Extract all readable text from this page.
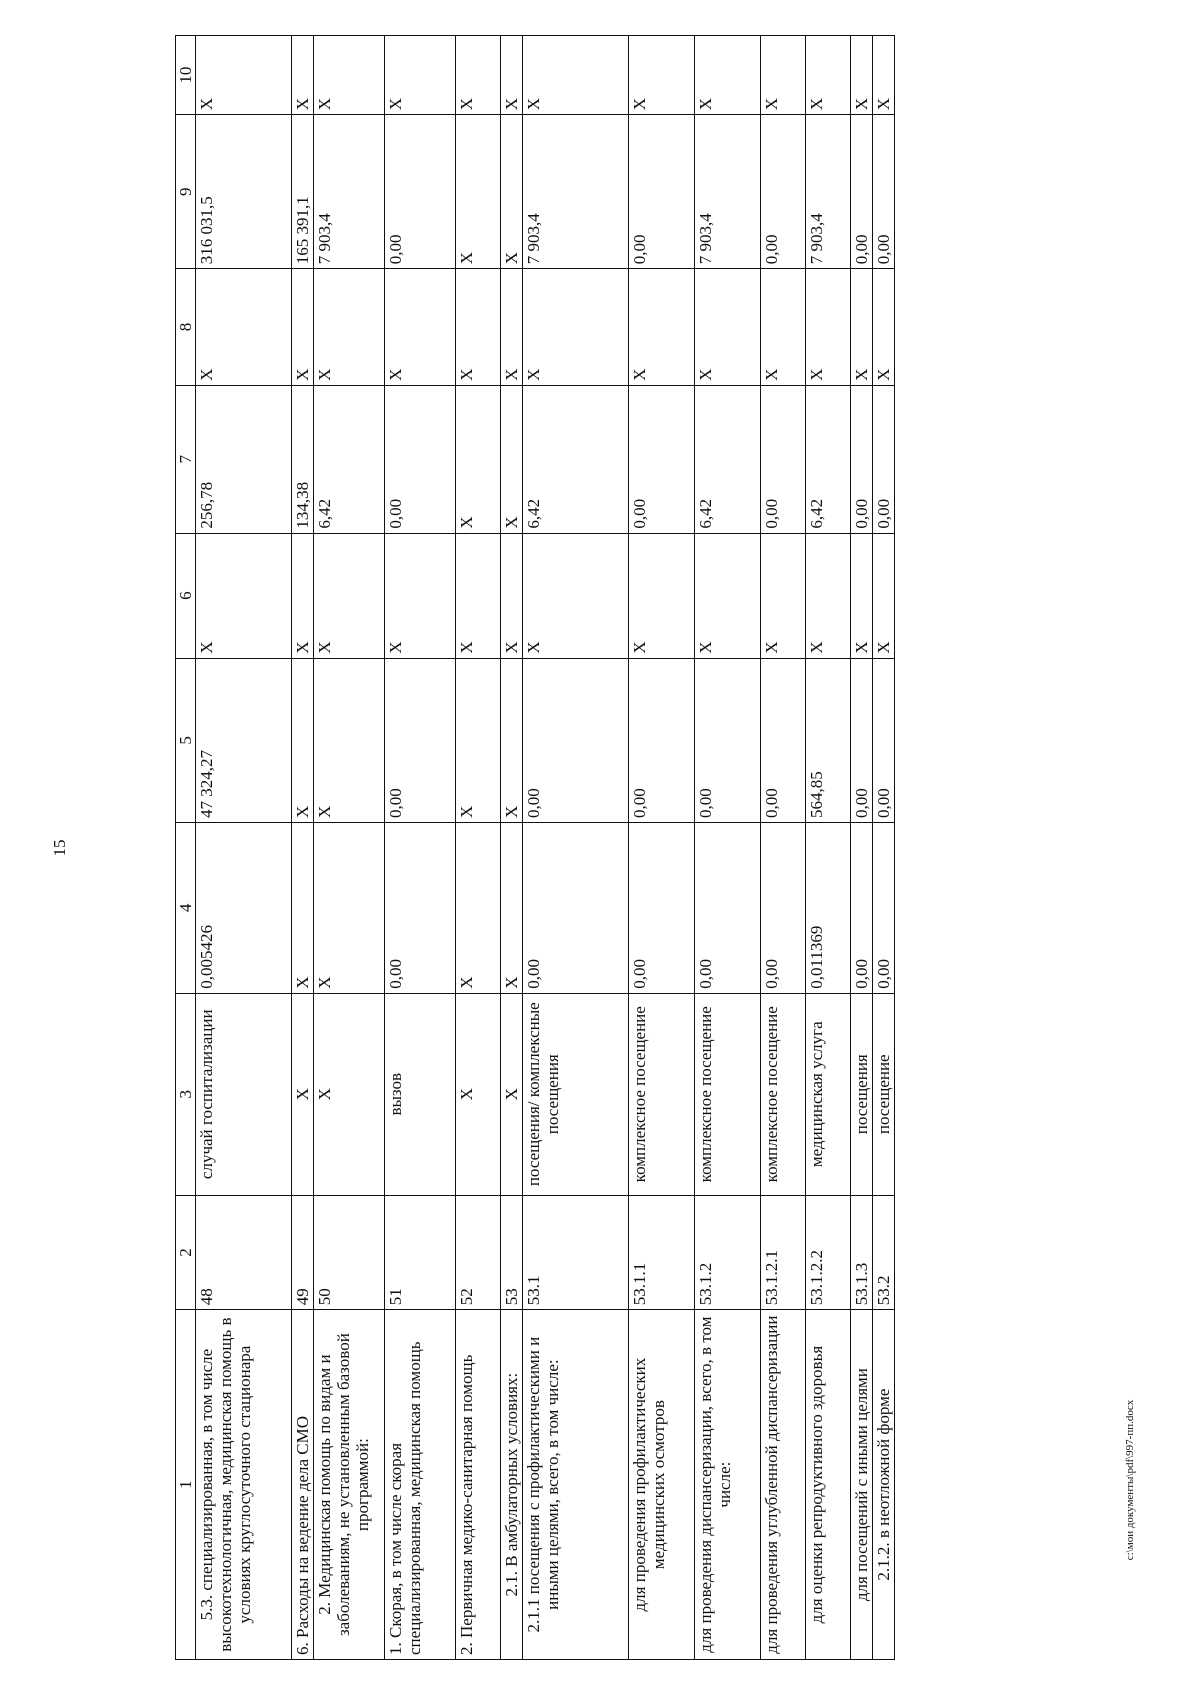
15
1	2	3	4	5	6	7	8	9	10
5.3. специализированная, в том числе высокотехнологичная, медицинская помощь в условиях круглосуточного стационара	48	случай госпитализации	0,005426	47 324,27	X	256,78	X	316 031,5	X
6. Расходы на ведение дела СМО	49	X	X	X	X	134,38	X	165 391,1	X
2. Медицинская помощь по видам и заболеваниям, не установленным базовой программой:	50	X	X	X	X	6,42	X	7 903,4	X
1. Скорая, в том числе скорая специализированная, медицинская помощь	51	вызов	0,00	0,00	X	0,00	X	0,00	X
2. Первичная медико-санитарная помощь	52	X	X	X	X	X	X	X	X
2.1. В амбулаторных условиях:	53	X	X	X	X	X	X	X	X
2.1.1 посещения с профилактическими и иными целями, всего, в том числе:	53.1	посещения/ комплексные посещения	0,00	0,00	X	6,42	X	7 903,4	X
для проведения профилактических медицинских осмотров	53.1.1	комплексное посещение	0,00	0,00	X	0,00	X	0,00	X
для проведения диспансеризации, всего, в том числе:	53.1.2	комплексное посещение	0,00	0,00	X	6,42	X	7 903,4	X
для проведения углубленной диспансеризации	53.1.2.1	комплексное посещение	0,00	0,00	X	0,00	X	0,00	X
для оценки репродуктивного здоровья	53.1.2.2	медицинская услуга	0,011369	564,85	X	6,42	X	7 903,4	X
для посещений с иными целями	53.1.3	посещения	0,00	0,00	X	0,00	X	0,00	X
2.1.2. в неотложной форме	53.2	посещение	0,00	0,00	X	0,00	X	0,00	X
c:\мои документы\pdf\997-пп.docx
